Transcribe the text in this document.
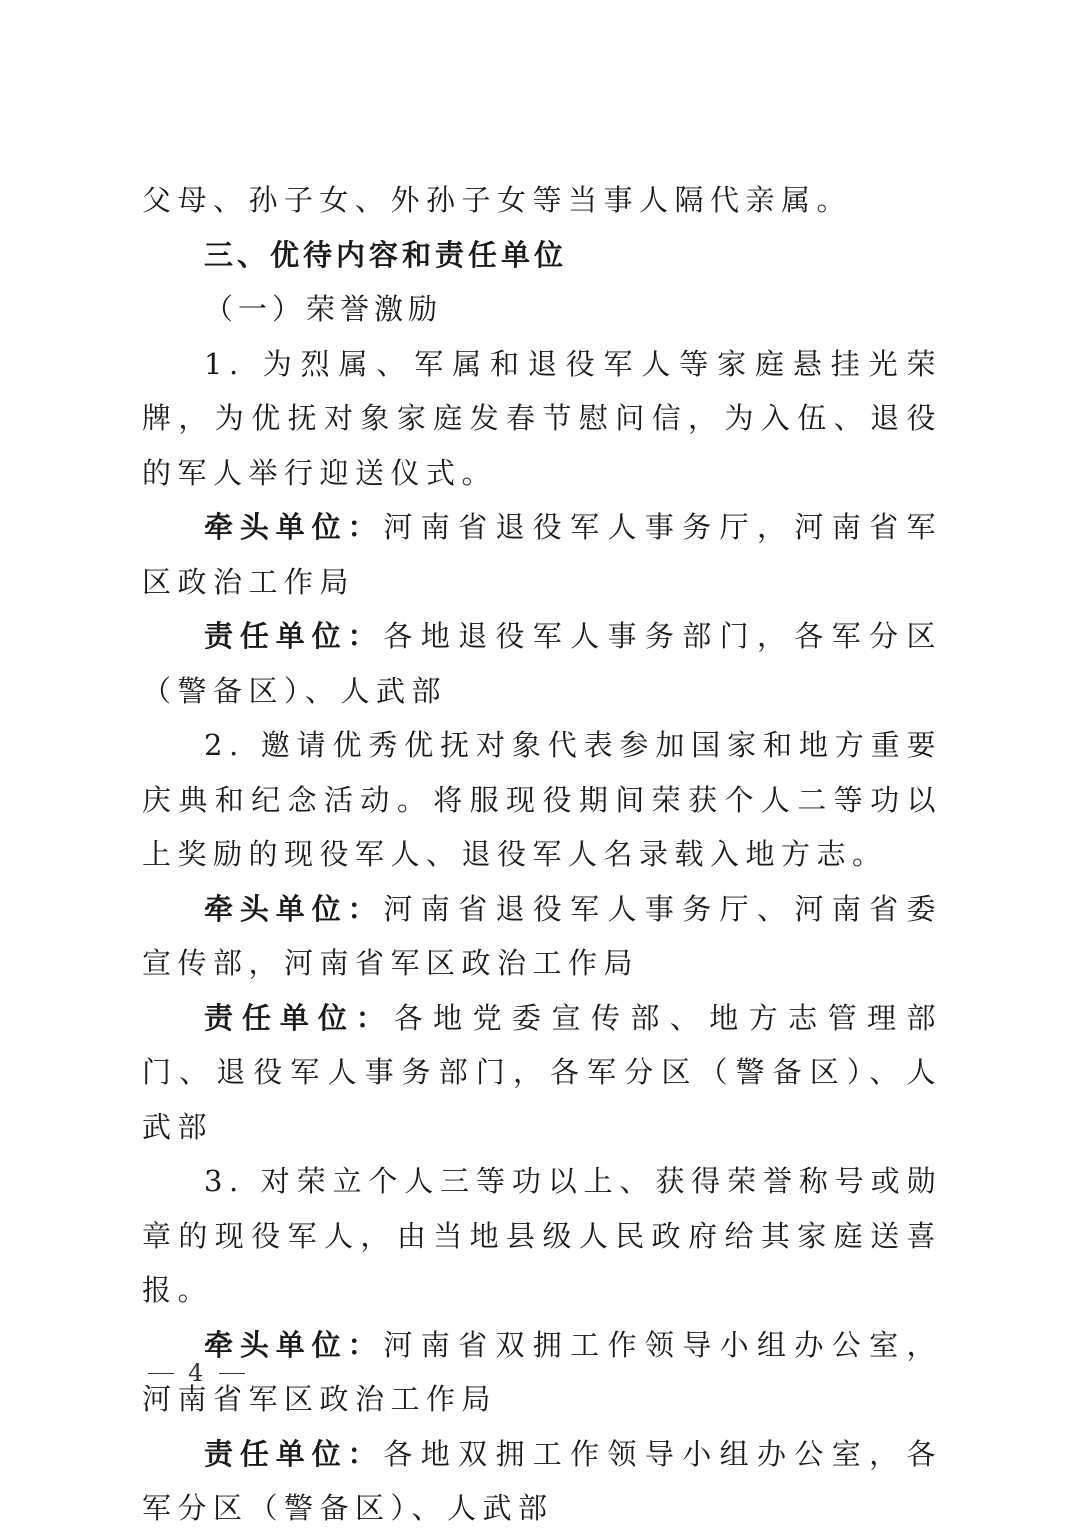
父母、孙子女、外孙子女等当事人隔代亲属。

三、优待内容和责任单位

（一）荣誉激励

1. 为烈属、军属和退役军人等家庭悬挂光荣牌，为优抚对象家庭发春节慰问信，为入伍、退役的军人举行迎送仪式。

牵头单位：河南省退役军人事务厅，河南省军区政治工作局

责任单位：各地退役军人事务部门，各军分区（警备区）、人武部

2. 邀请优秀优抚对象代表参加国家和地方重要庆典和纪念活动。将服现役期间荣获个人二等功以上奖励的现役军人、退役军人名录载入地方志。

牵头单位：河南省退役军人事务厅、河南省委宣传部，河南省军区政治工作局

责任单位：各地党委宣传部、地方志管理部门、退役军人事务部门，各军分区（警备区）、人武部

3. 对荣立个人三等功以上、获得荣誉称号或勋章的现役军人，由当地县级人民政府给其家庭送喜报。

牵头单位：河南省双拥工作领导小组办公室，河南省军区政治工作局

责任单位：各地双拥工作领导小组办公室，各军分区（警备区）、人武部

4
